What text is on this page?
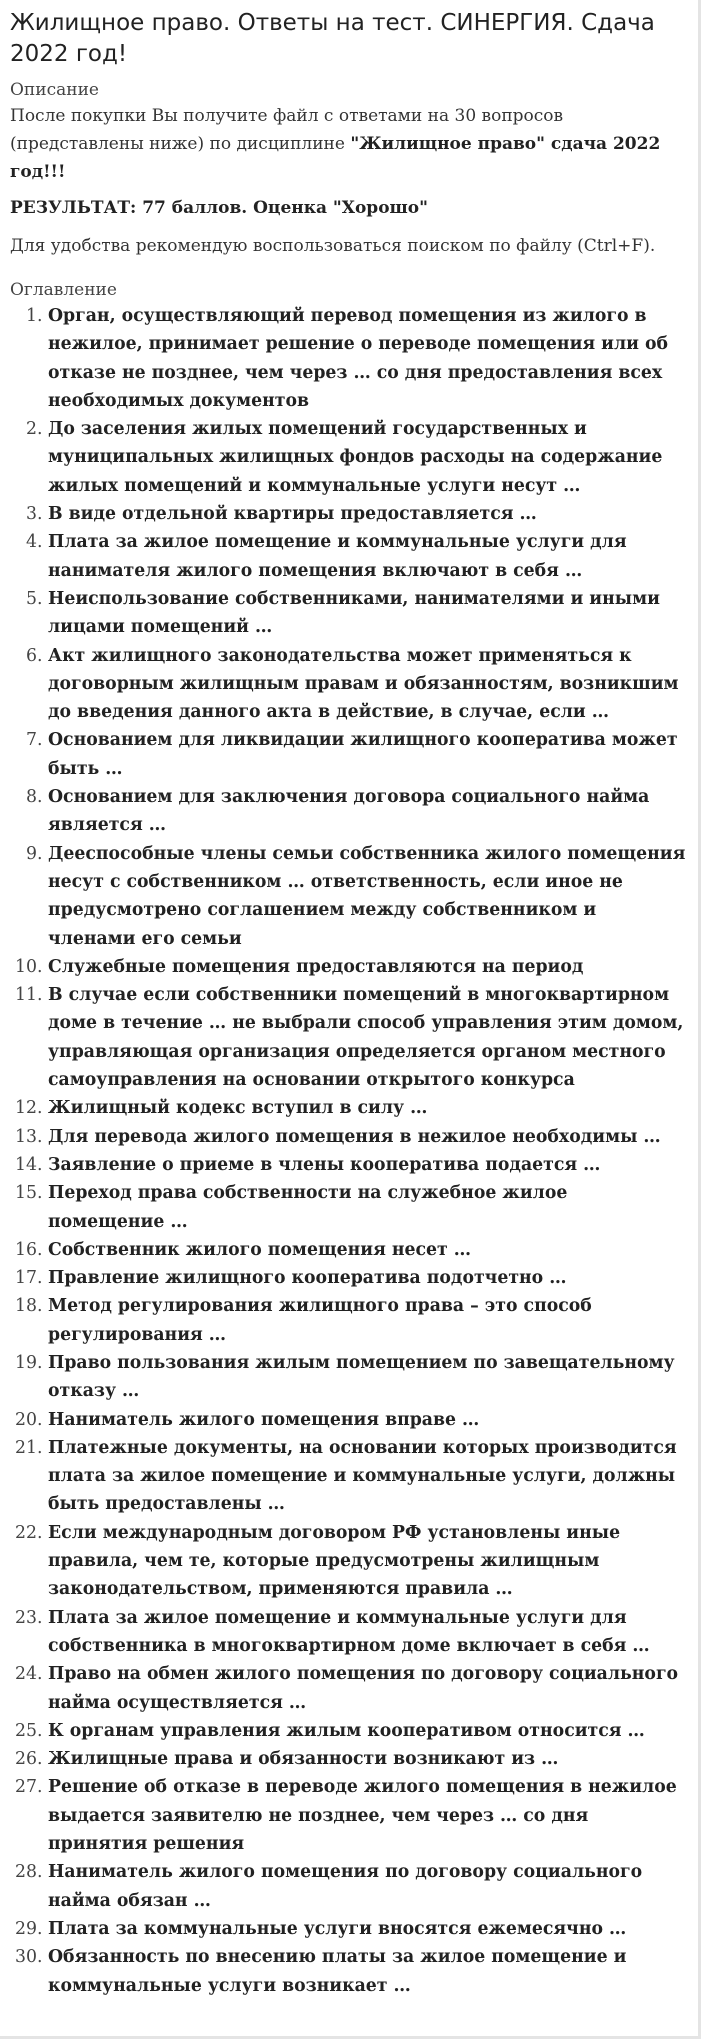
Жилищное право. Ответы на тест. СИНЕРГИЯ. Сдача 2022 год!
Описание

После покупки Вы получите файл с ответами на 30 вопросов (представлены ниже) по дисциплине "Жилищное право" сдача 2022 год!!!

РЕЗУЛЬТАТ: 77 баллов. Оценка "Хорошо"

Для удобства рекомендую воспользоваться поиском по файлу (Ctrl+F).

Оглавление
1. Орган, осуществляющий перевод помещения из жилого в нежилое, принимает решение о переводе помещения или об отказе не позднее, чем через … со дня предоставления всех необходимых документов
2. До заселения жилых помещений государственных и муниципальных жилищных фондов расходы на содержание жилых помещений и коммунальные услуги несут …
3. В виде отдельной квартиры предоставляется …
4. Плата за жилое помещение и коммунальные услуги для нанимателя жилого помещения включают в себя …
5. Неиспользование собственниками, нанимателями и иными лицами помещений …
6. Акт жилищного законодательства может применяться к договорным жилищным правам и обязанностям, возникшим до введения данного акта в действие, в случае, если …
7. Основанием для ликвидации жилищного кооператива может быть …
8. Основанием для заключения договора социального найма является …
9. Дееспособные члены семьи собственника жилого помещения несут с собственником … ответственность, если иное не предусмотрено соглашением между собственником и членами его семьи
10. Служебные помещения предоставляются на период
11. В случае если собственники помещений в многоквартирном доме в течение … не выбрали способ управления этим домом, управляющая организация определяется органом местного самоуправления на основании открытого конкурса
12. Жилищный кодекс вступил в силу …
13. Для перевода жилого помещения в нежилое необходимы …
14. Заявление о приеме в члены кооператива подается …
15. Переход права собственности на служебное жилое помещение …
16. Собственник жилого помещения несет …
17. Правление жилищного кооператива подотчетно …
18. Метод регулирования жилищного права – это способ регулирования …
19. Право пользования жилым помещением по завещательному отказу …
20. Наниматель жилого помещения вправе …
21. Платежные документы, на основании которых производится плата за жилое помещение и коммунальные услуги, должны быть предоставлены …
22. Если международным договором РФ установлены иные правила, чем те, которые предусмотрены жилищным законодательством, применяются правила …
23. Плата за жилое помещение и коммунальные услуги для собственника в многоквартирном доме включает в себя …
24. Право на обмен жилого помещения по договору социального найма осуществляется …
25. К органам управления жилым кооперативом относится …
26. Жилищные права и обязанности возникают из …
27. Решение об отказе в переводе жилого помещения в нежилое выдается заявителю не позднее, чем через … со дня принятия решения
28. Наниматель жилого помещения по договору социального найма обязан …
29. Плата за коммунальные услуги вносятся ежемесячно …
30. Обязанность по внесению платы за жилое помещение и коммунальные услуги возникает …
